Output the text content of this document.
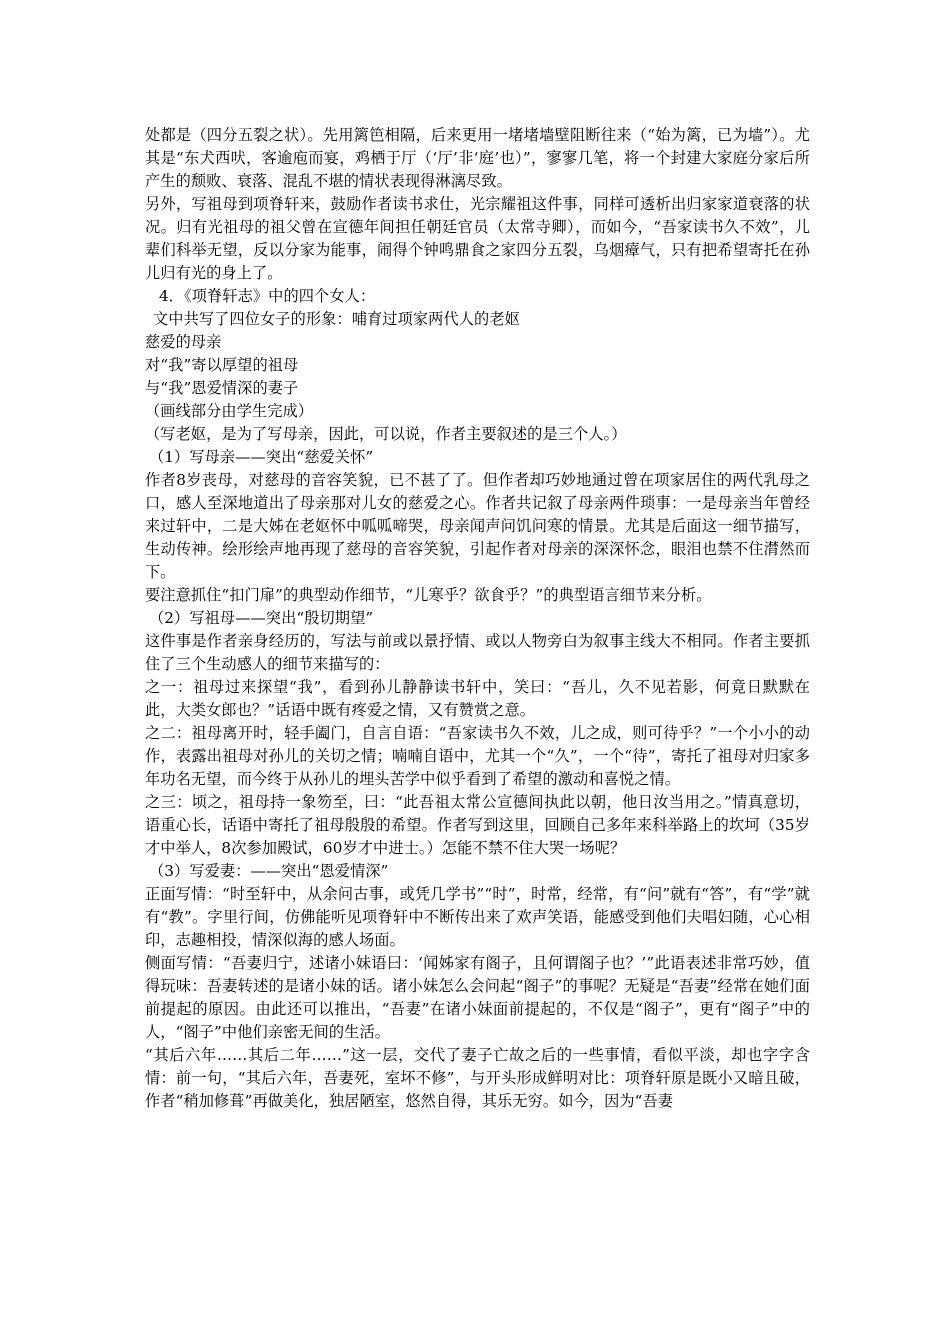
处都是（四分五裂之状）。先用篱笆相隔，后来更用一堵堵墙壁阻断往来（“始为篱，已为墙”）。尤其是“东犬西吠，客逾庖而宴，鸡栖于厅（‘厅’非‘庭’也）”，寥寥几笔，将一个封建大家庭分家后所产生的颓败、衰落、混乱不堪的情状表现得淋漓尽致。

另外，写祖母到项脊轩来，鼓励作者读书求仕，光宗耀祖这件事，同样可透析出归家家道衰落的状况。归有光祖母的祖父曾在宣德年间担任朝廷官员（太常寺卿），而如今，“吾家读书久不效”，儿辈们科举无望，反以分家为能事，闹得个钟鸣鼎食之家四分五裂，乌烟瘴气，只有把希望寄托在孙儿归有光的身上了。

4．《项脊轩志》中的四个女人：

文中共写了四位女子的形象：哺育过项家两代人的老妪

慈爱的母亲

对“我”寄以厚望的祖母

与“我”恩爱情深的妻子

（画线部分由学生完成）

（写老妪，是为了写母亲，因此，可以说，作者主要叙述的是三个人。）

（1）写母亲——突出“慈爱关怀”

作者8岁丧母，对慈母的音容笑貌，已不甚了了。但作者却巧妙地通过曾在项家居住的两代乳母之口，感人至深地道出了母亲那对儿女的慈爱之心。作者共记叙了母亲两件琐事：一是母亲当年曾经来过轩中，二是大姊在老妪怀中呱呱啼哭，母亲闻声问饥问寒的情景。尤其是后面这一细节描写，生动传神。绘形绘声地再现了慈母的音容笑貌，引起作者对母亲的深深怀念，眼泪也禁不住潸然而下。

要注意抓住“扣门扉”的典型动作细节，“儿寒乎？欲食乎？”的典型语言细节来分析。

（2）写祖母——突出“殷切期望”

这件事是作者亲身经历的，写法与前或以景抒情、或以人物旁白为叙事主线大不相同。作者主要抓住了三个生动感人的细节来描写的：

之一：祖母过来探望“我”，看到孙儿静静读书轩中，笑曰：“吾儿，久不见若影，何竟日默默在此，大类女郎也？”话语中既有疼爱之情，又有赞赏之意。

之二：祖母离开时，轻手阖门，自言自语：“吾家读书久不效，儿之成，则可待乎？”一个小小的动作，表露出祖母对孙儿的关切之情；喃喃自语中，尤其一个“久”，一个“待”，寄托了祖母对归家多年功名无望，而今终于从孙儿的埋头苦学中似乎看到了希望的激动和喜悦之情。

之三：顷之，祖母持一象笏至，曰：“此吾祖太常公宣德间执此以朝，他日汝当用之。”情真意切，语重心长，话语中寄托了祖母殷殷的希望。作者写到这里，回顾自己多年来科举路上的坎坷（35岁才中举人，8次参加殿试，60岁才中进士。）怎能不禁不住大哭一场呢？

（3）写爱妻：——突出“恩爱情深”

正面写情：“时至轩中，从余问古事，或凭几学书”“时”，时常，经常，有“问”就有“答”，有“学”就有“教”。字里行间，仿佛能听见项脊轩中不断传出来了欢声笑语，能感受到他们夫唱妇随，心心相印，志趣相投，情深似海的感人场面。

侧面写情：“吾妻归宁，述诸小妹语曰：‘闻姊家有阁子，且何谓阁子也？’”此语表述非常巧妙，值得玩味：吾妻转述的是诸小妹的话。诸小妹怎么会问起“阁子”的事呢？无疑是“吾妻”经常在她们面前提起的原因。由此还可以推出，“吾妻”在诸小妹面前提起的，不仅是“阁子”，更有“阁子”中的人，“阁子”中他们亲密无间的生活。

“其后六年……其后二年……”这一层，交代了妻子亡故之后的一些事情，看似平淡，却也字字含情：前一句，“其后六年，吾妻死，室坏不修”，与开头形成鲜明对比：项脊轩原是既小又暗且破，作者“稍加修葺”再做美化，独居陋室，悠然自得，其乐无穷。如今，因为“吾妻
